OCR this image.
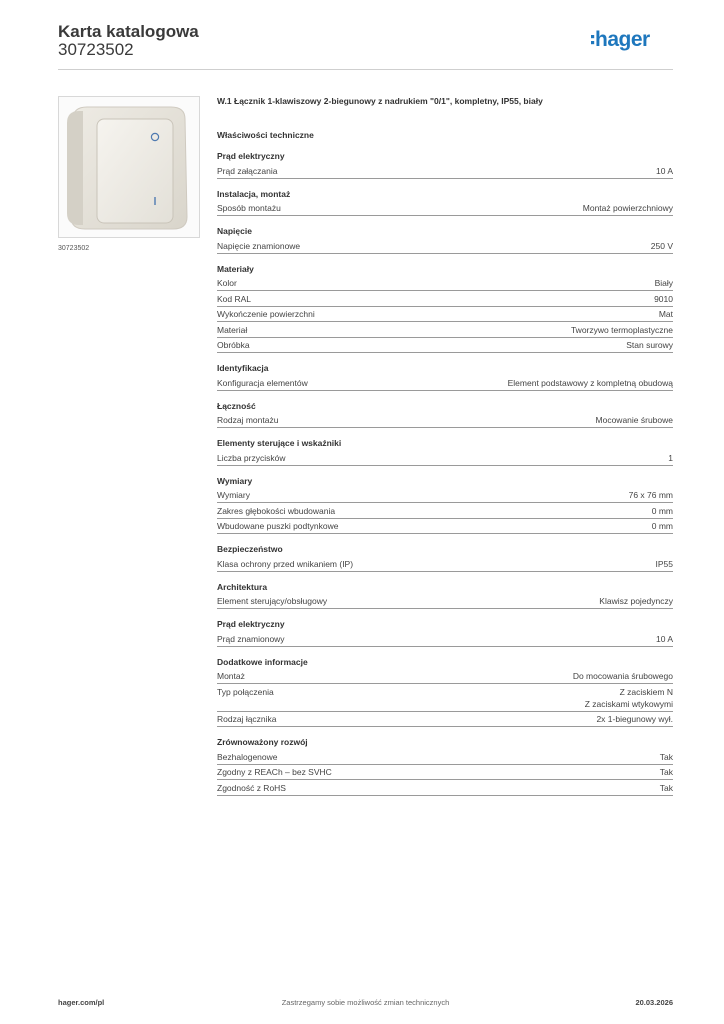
Karta katalogowa
30723502	hager
30723502
W.1 Łącznik 1-klawiszowy 2-biegunowy z nadrukiem "0/1", kompletny, IP55, biały
Właściwości techniczne
Prąd elektryczny
Prąd załączania	10 A
Instalacja, montaż
Sposób montażu	Montaż powierzchniowy
Napięcie
Napięcie znamionowe	250 V
Materiały
Kolor	Biały
Kod RAL	9010
Wykończenie powierzchni	Mat
Materiał	Tworzywo termoplastyczne
Obróbka	Stan surowy
Identyfikacja
Konfiguracja elementów	Element podstawowy z kompletną obudową
Łączność
Rodzaj montażu	Mocowanie śrubowe
Elementy sterujące i wskaźniki
Liczba przycisków	1
Wymiary
Wymiary	76 x 76 mm
Zakres głębokości wbudowania	0 mm
Wbudowane puszki podtynkowe	0 mm
Bezpieczeństwo
Klasa ochrony przed wnikaniem (IP)	IP55
Architektura
Element sterujący/obsługowy	Klawisz pojedynczy
Prąd elektryczny
Prąd znamionowy	10 A
Dodatkowe informacje
Montaż	Do mocowania śrubowego
Typ połączenia	Z zaciskiem N
Z zaciskami wtykowymi
Rodzaj łącznika	2x 1-biegunowy wył.
Zrównoważony rozwój
Bezhalogenowe	Tak
Zgodny z REACh – bez SVHC	Tak
Zgodność z RoHS	Tak
Zastrzegamy sobie możliwość zmian technicznych
hager.com/pl	20.03.2026
